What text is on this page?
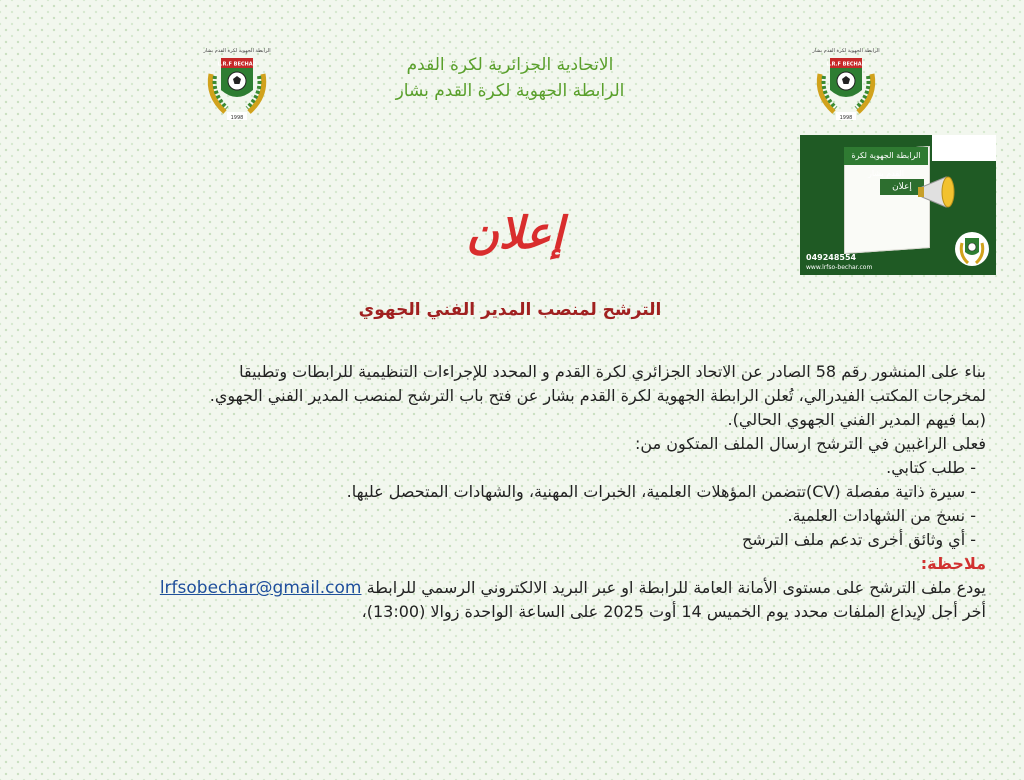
الرابطة الجهوية لكرة القدم بشار
L.R.F BECHAR
1998
الاتحادية الجزائرية لكرة القدم
الرابطة الجهوية لكرة القدم بشار
الرابطة الجهوية لكرة القدم بشار
L.R.F BECHAR
1998
الرابطة الجهوية لكرة القدم بشار
إعلان
049248554
www.lrfso-bechar.com
إعلان
الترشح لمنصب المدير الفني الجهوي
بناء على المنشور رقم 58 الصادر عن الاتحاد الجزائري لكرة القدم و المحدد للإجراءات التنظيمية للرابطات وتطبيقا
لمخرجات المكتب الفيدرالي، تُعلن الرابطة الجهوية لكرة القدم بشار عن فتح باب الترشح لمنصب المدير الفني الجهوي.
(بما فيهم المدير الفني الجهوي الحالي).
فعلى الراغبين في الترشح ارسال الملف المتكون من:
- طلب كتابي.
- سيرة ذاتية مفصلة (CV)تتضمن المؤهلات العلمية، الخبرات المهنية، والشهادات المتحصل عليها.
- نسخ من الشهادات العلمية.
- أي وثائق أخرى تدعم ملف الترشح
ملاحظة:
يودع ملف الترشح على مستوى الأمانة العامة للرابطة او عبر البريد الالكتروني الرسمي للرابطة lrfsobechar@gmail.com
أخر أجل لإيداع الملفات محدد يوم الخميس 14 أوت 2025 على الساعة الواحدة زوالا (13:00)،
